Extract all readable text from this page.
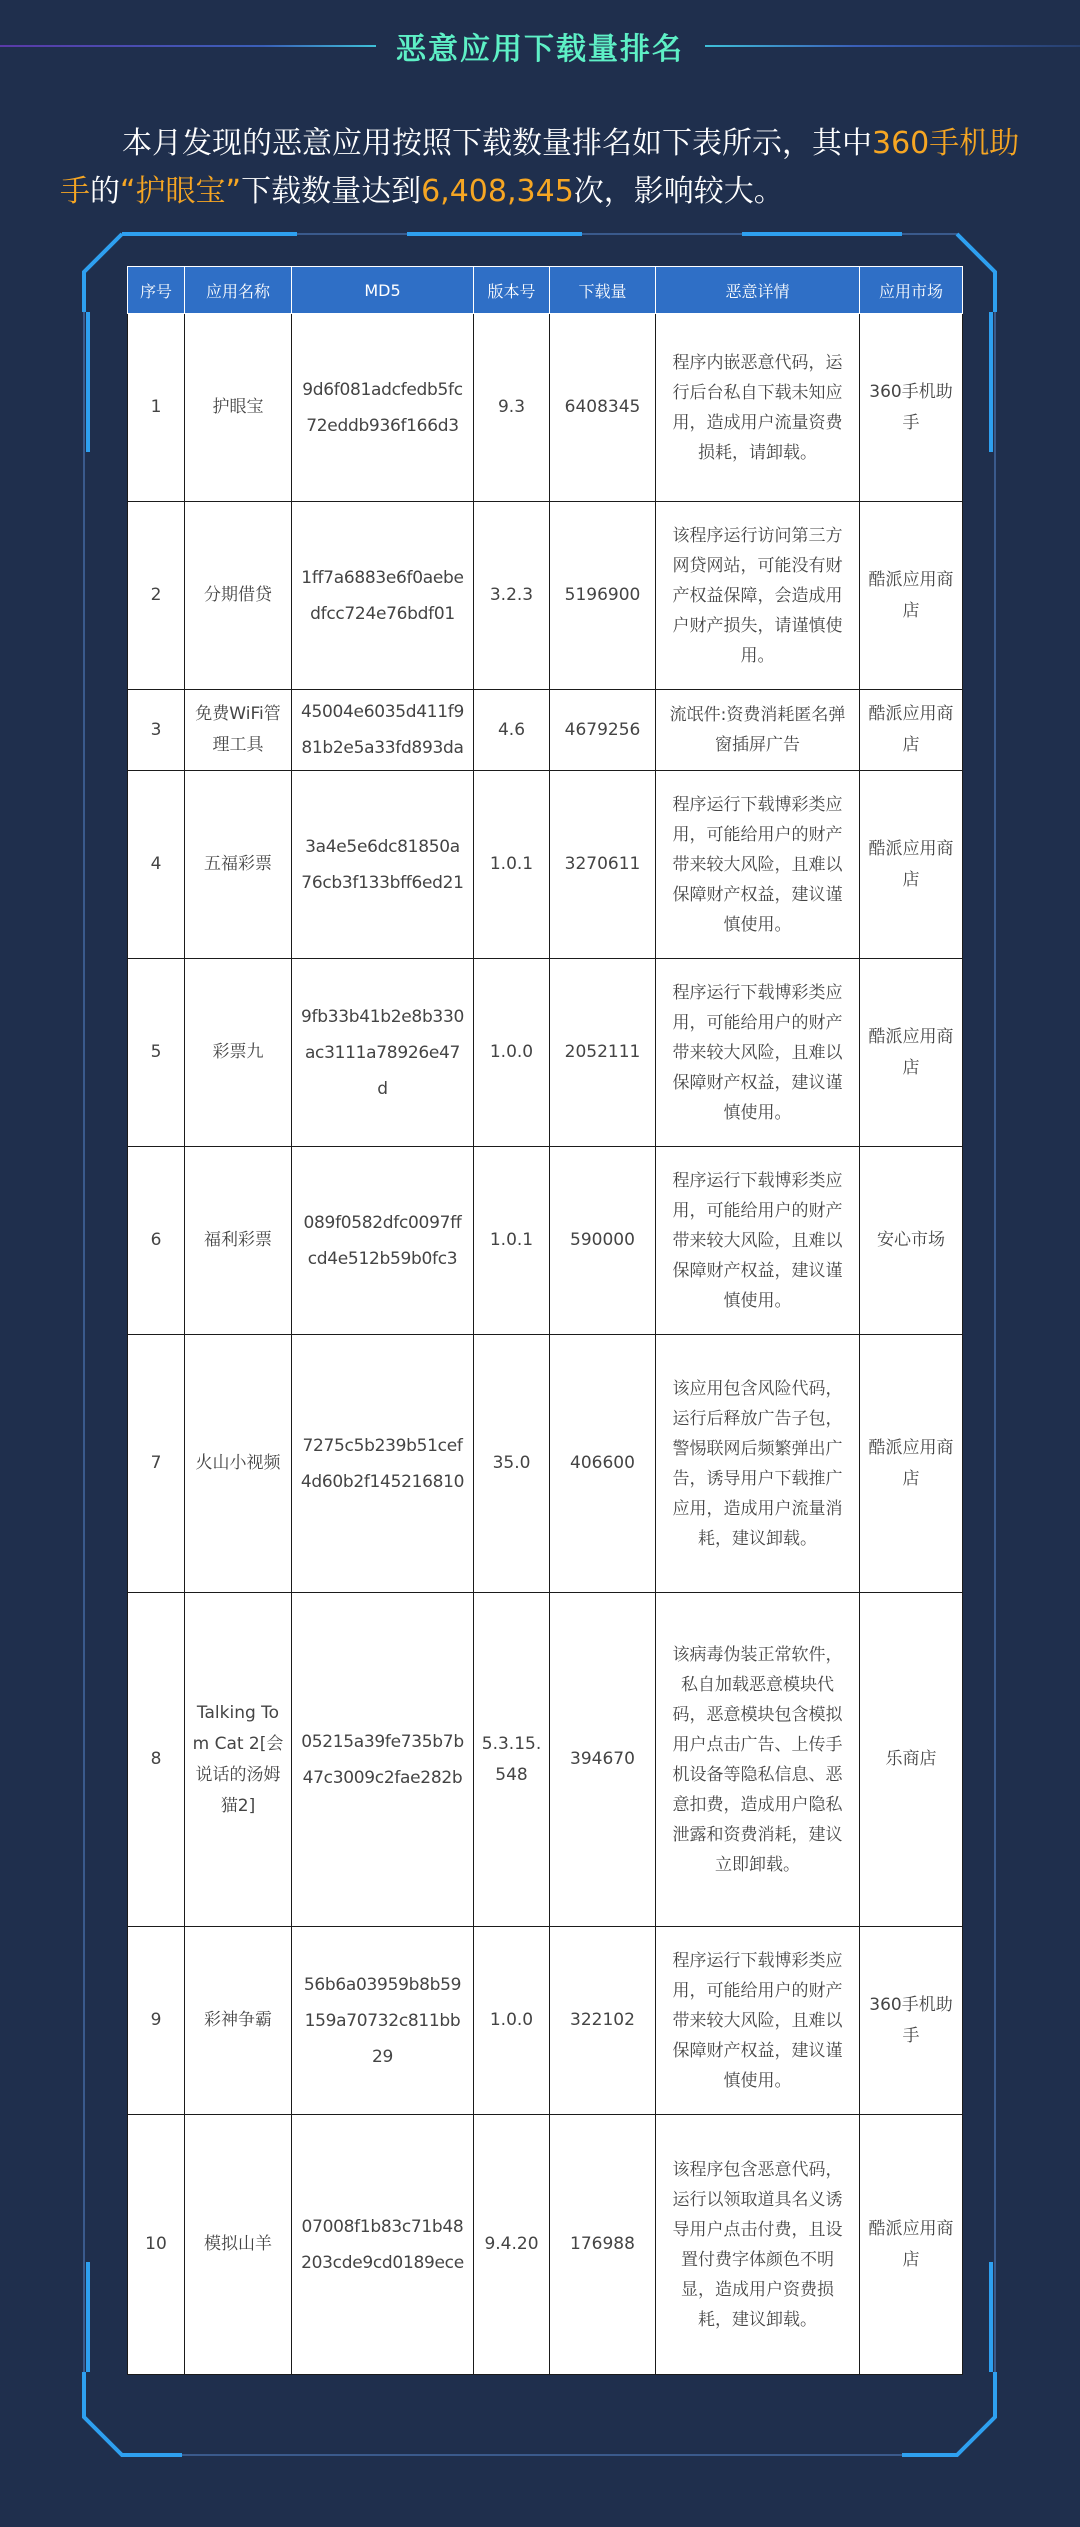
恶意应用下载量排名

本月发现的恶意应用按照下载数量排名如下表所示，其中360手机助手的“护眼宝”下载数量达到6,408,345次，影响较大。

序号	应用名称	MD5	版本号	下载量	恶意详情	应用市场
1	护眼宝	9d6f081adcfedb5fc72eddb936f166d3	9.3	6408345	程序内嵌恶意代码，运行后台私自下载未知应用，造成用户流量资费损耗，请卸载。	360手机助手
2	分期借贷	1ff7a6883e6f0aebedfcc724e76bdf01	3.2.3	5196900	该程序运行访问第三方网贷网站，可能没有财产权益保障，会造成用户财产损失，请谨慎使用。	酷派应用商店
3	免费WiFi管理工具	45004e6035d411f981b2e5a33fd893da	4.6	4679256	流氓件:资费消耗匿名弹窗插屏广告	酷派应用商店
4	五福彩票	3a4e5e6dc81850a76cb3f133bff6ed21	1.0.1	3270611	程序运行下载博彩类应用，可能给用户的财产带来较大风险，且难以保障财产权益，建议谨慎使用。	酷派应用商店
5	彩票九	9fb33b41b2e8b330ac3111a78926e47d	1.0.0	2052111	程序运行下载博彩类应用，可能给用户的财产带来较大风险，且难以保障财产权益，建议谨慎使用。	酷派应用商店
6	福利彩票	089f0582dfc0097ffcd4e512b59b0fc3	1.0.1	590000	程序运行下载博彩类应用，可能给用户的财产带来较大风险，且难以保障财产权益，建议谨慎使用。	安心市场
7	火山小视频	7275c5b239b51cef4d60b2f145216810	35.0	406600	该应用包含风险代码，运行后释放广告子包，警惕联网后频繁弹出广告，诱导用户下载推广应用，造成用户流量消耗，建议卸载。	酷派应用商店
8	Talking Tom Cat 2[会说话的汤姆猫2]	05215a39fe735b7b47c3009c2fae282b	5.3.15.548	394670	该病毒伪装正常软件，私自加载恶意模块代码，恶意模块包含模拟用户点击广告、上传手机设备等隐私信息、恶意扣费，造成用户隐私泄露和资费消耗，建议立即卸载。	乐商店
9	彩神争霸	56b6a03959b8b59159a70732c811bb29	1.0.0	322102	程序运行下载博彩类应用，可能给用户的财产带来较大风险，且难以保障财产权益，建议谨慎使用。	360手机助手
10	模拟山羊	07008f1b83c71b48203cde9cd0189ece	9.4.20	176988	该程序包含恶意代码，运行以领取道具名义诱导用户点击付费，且设置付费字体颜色不明显，造成用户资费损耗，建议卸载。	酷派应用商店
